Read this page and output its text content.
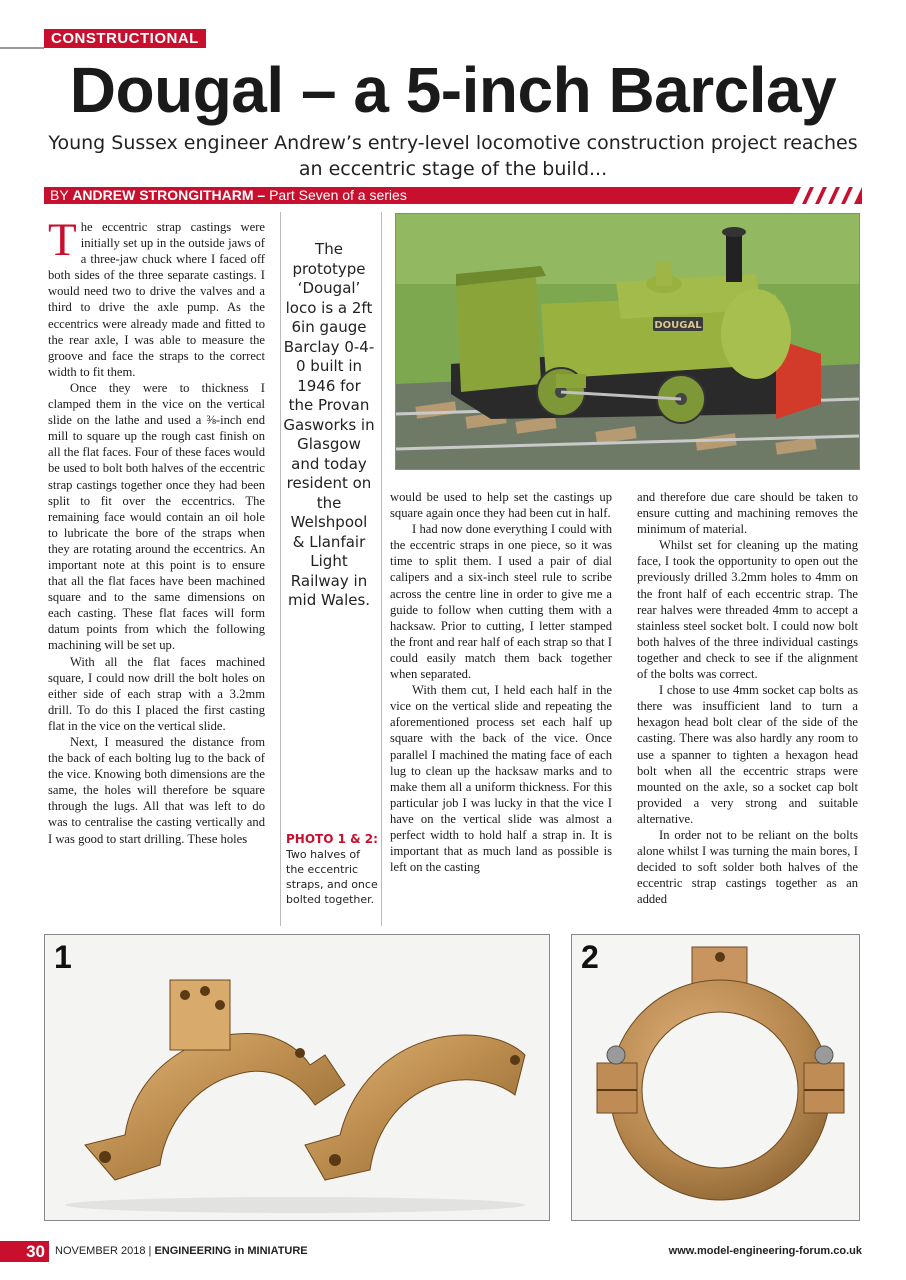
CONSTRUCTIONAL
Dougal – a 5-inch Barclay
Young Sussex engineer Andrew’s entry-level locomotive construction project reaches an eccentric stage of the build...
BY ANDREW STRONGITHARM – Part Seven of a series

The eccentric strap castings were initially set up in the outside jaws of a three-jaw chuck where I faced off both sides of the three separate castings. I would need two to drive the valves and a third to drive the axle pump. As the eccentrics were already made and fitted to the rear axle, I was able to measure the groove and face the straps to the correct width to fit them.

Once they were to thickness I clamped them in the vice on the vertical slide on the lathe and used a ⅜-inch end mill to square up the rough cast finish on all the flat faces. Four of these faces would be used to bolt both halves of the eccentric strap castings together once they had been split to fit over the eccentrics. The remaining face would contain an oil hole to lubricate the bore of the straps when they are rotating around the eccentrics. An important note at this point is to ensure that all the flat faces have been machined square and to the same dimensions on each casting. These flat faces will form datum points from which the following machining will be set up.

With all the flat faces machined square, I could now drill the bolt holes on either side of each strap with a 3.2mm drill. To do this I placed the first casting flat in the vice on the vertical slide.

Next, I measured the distance from the back of each bolting lug to the back of the vice. Knowing both dimensions are the same, the holes will therefore be square through the lugs. All that was left to do was to centralise the casting vertically and I was good to start drilling. These holes

The prototype ‘Dougal’ loco is a 2ft 6in gauge Barclay 0-4-0 built in 1946 for the Provan Gasworks in Glasgow and today resident on the Welshpool & Llanfair Light Railway in mid Wales.
PHOTO 1 & 2:
Two halves of the eccentric straps, and once bolted together.
DOUGAL

would be used to help set the castings up square again once they had been cut in half.

I had now done everything I could with the eccentric straps in one piece, so it was time to split them. I used a pair of dial calipers and a six-inch steel rule to scribe across the centre line in order to give me a guide to follow when cutting them with a hacksaw. Prior to cutting, I letter stamped the front and rear half of each strap so that I could easily match them back together when separated.

With them cut, I held each half in the vice on the vertical slide and repeating the aforementioned process set each half up square with the back of the vice. Once parallel I machined the mating face of each lug to clean up the hacksaw marks and to make them all a uniform thickness. For this particular job I was lucky in that the vice I have on the vertical slide was almost a perfect width to hold half a strap in. It is important that as much land as possible is left on the casting

and therefore due care should be taken to ensure cutting and machining removes the minimum of material.

Whilst set for cleaning up the mating face, I took the opportunity to open out the previously drilled 3.2mm holes to 4mm on the front half of each eccentric strap. The rear halves were threaded 4mm to accept a stainless steel socket bolt. I could now bolt both halves of the three individual castings together and check to see if the alignment of the bolts was correct.

I chose to use 4mm socket cap bolts as there was insufficient land to turn a hexagon head bolt clear of the side of the casting. There was also hardly any room to use a spanner to tighten a hexagon head bolt when all the eccentric straps were mounted on the axle, so a socket cap bolt provided a very strong and suitable alternative.

In order not to be reliant on the bolts alone whilst I was turning the main bores, I decided to soft solder both halves of the eccentric strap castings together as an added

1	2
30 NOVEMBER 2018 | ENGINEERING in MINIATURE	www.model-engineering-forum.co.uk
